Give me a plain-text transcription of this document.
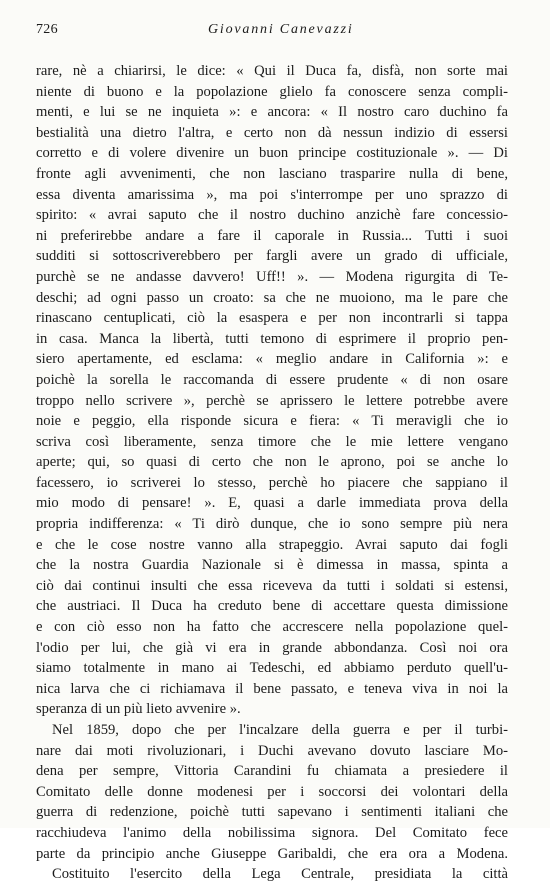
726	Giovanni Canevazzi
rare, nè a chiarirsi, le dice: « Qui il Duca fa, disfà, non sorte mai
niente di buono e la popolazione glielo fa conoscere senza compli-
menti, e lui se ne inquieta »: e ancora: « Il nostro caro duchino fa
bestialità una dietro l'altra, e certo non dà nessun indizio di essersi
corretto e di volere divenire un buon principe costituzionale ». — Di
fronte agli avvenimenti, che non lasciano trasparire nulla di bene,
essa diventa amarissima », ma poi s'interrompe per uno sprazzo di
spirito: « avrai saputo che il nostro duchino anzichè fare concessio-
ni preferirebbe andare a fare il caporale in Russia... Tutti i suoi
sudditi si sottoscriverebbero per fargli avere un grado di ufficiale,
purchè se ne andasse davvero! Uff!! ». — Modena rigurgita di Te-
deschi; ad ogni passo un croato: sa che ne muoiono, ma le pare che
rinascano centuplicati, ciò la esaspera e per non incontrarli si tappa
in casa. Manca la libertà, tutti temono di esprimere il proprio pen-
siero apertamente, ed esclama: « meglio andare in California »: e
poichè la sorella le raccomanda di essere prudente « di non osare
troppo nello scrivere », perchè se aprissero le lettere potrebbe avere
noie e peggio, ella risponde sicura e fiera: « Ti meravigli che io
scriva così liberamente, senza timore che le mie lettere vengano
aperte; qui, so quasi di certo che non le aprono, poi se anche lo
facessero, io scriverei lo stesso, perchè ho piacere che sappiano il
mio modo di pensare! ». E, quasi a darle immediata prova della
propria indifferenza: « Ti dirò dunque, che io sono sempre più nera
e che le cose nostre vanno alla strapeggio. Avrai saputo dai fogli
che la nostra Guardia Nazionale si è dimessa in massa, spinta a
ciò dai continui insulti che essa riceveva da tutti i soldati si estensi,
che austriaci. Il Duca ha creduto bene di accettare questa dimissione
e con ciò esso non ha fatto che accrescere nella popolazione quel-
l'odio per lui, che già vi era in grande abbondanza. Così noi ora
siamo totalmente in mano ai Tedeschi, ed abbiamo perduto quell'u-
nica larva che ci richiamava il bene passato, e teneva viva in noi la
speranza di un più lieto avvenire ».
Nel 1859, dopo che per l'incalzare della guerra e per il turbi-
nare dai moti rivoluzionari, i Duchi avevano dovuto lasciare Mo-
dena per sempre, Vittoria Carandini fu chiamata a presiedere il
Comitato delle donne modenesi per i soccorsi dei volontari della
guerra di redenzione, poichè tutti sapevano i sentimenti italiani che
racchiudeva l'animo della nobilissima signora. Del Comitato fece
parte da principio anche Giuseppe Garibaldi, che era ora a Modena.
Costituito l'esercito della Lega Centrale, presidiata la città
